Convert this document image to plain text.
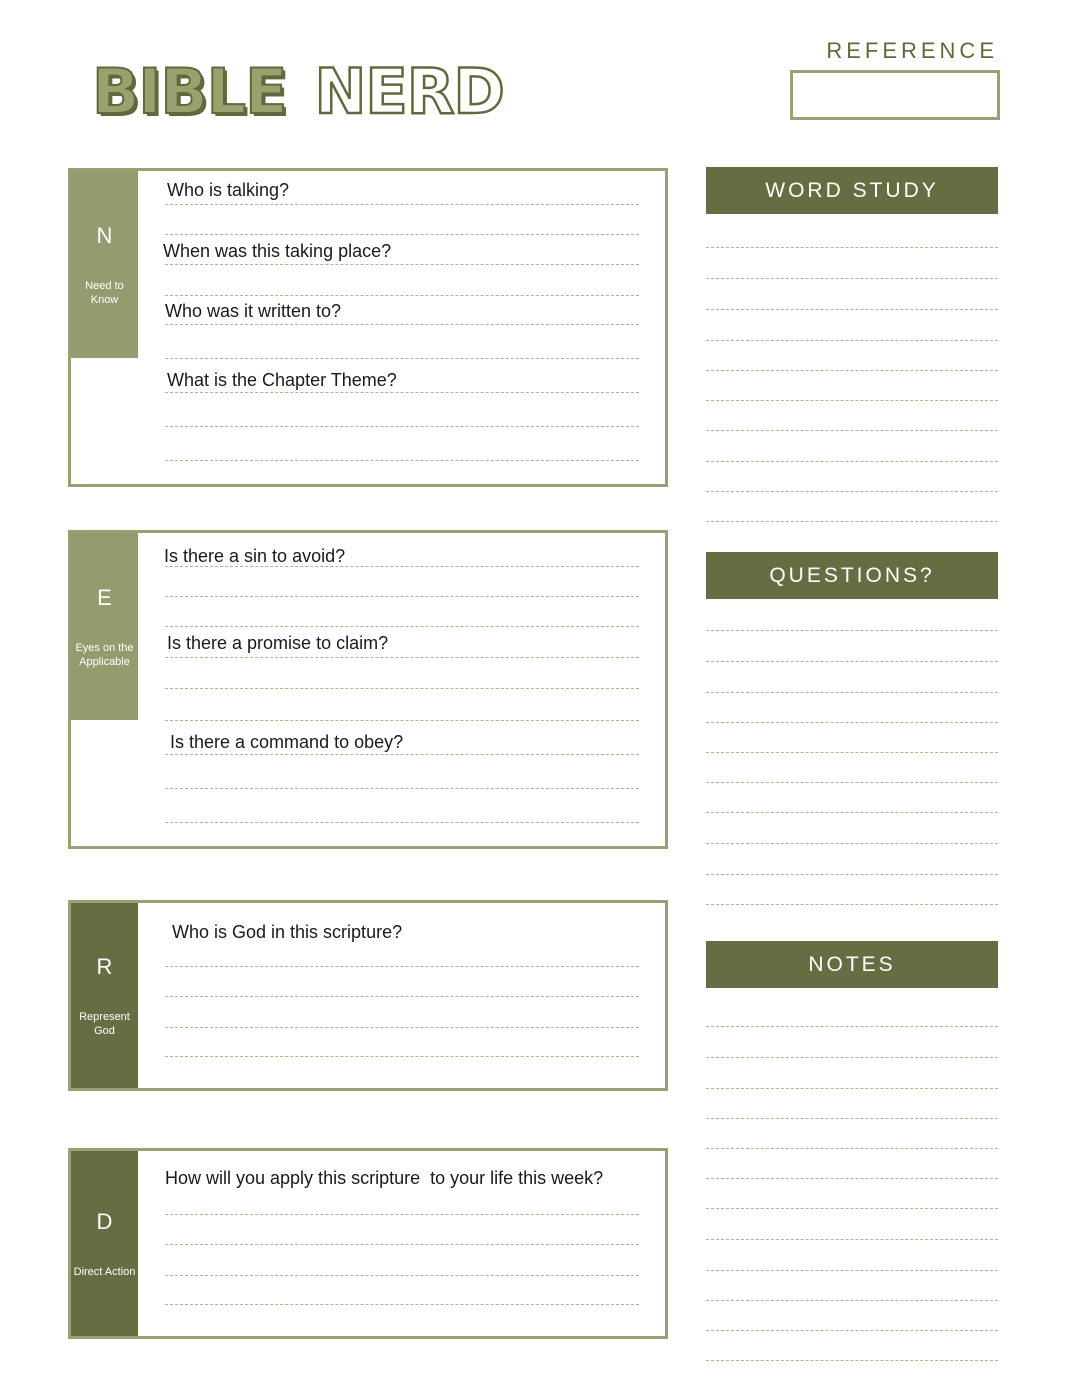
BIBLE NERD
REFERENCE
N
Need to Know
Who is talking?
When was this taking place?
Who was it written to?
What is the Chapter Theme?
E
Eyes on the Applicable
Is there a sin to avoid?
Is there a promise to claim?
Is there a command to obey?
R
Represent God
Who is God in this scripture?
D
Direct Action
How will you apply this scripture  to your life this week?
WORD STUDY
QUESTIONS?
NOTES
